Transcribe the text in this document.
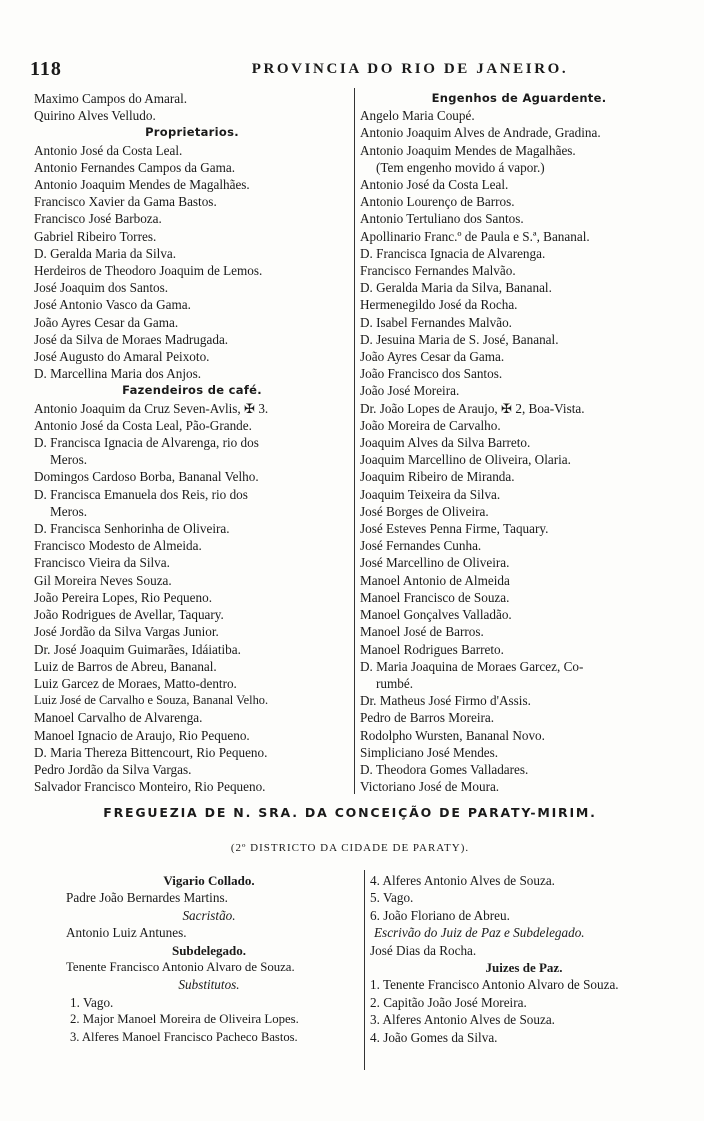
118	PROVINCIA DO RIO DE JANEIRO.
Maximo Campos do Amaral.
Quirino Alves Velludo.
Proprietarios.
Antonio José da Costa Leal.
Antonio Fernandes Campos da Gama.
Antonio Joaquim Mendes de Magalhães.
Francisco Xavier da Gama Bastos.
Francisco José Barboza.
Gabriel Ribeiro Torres.
D. Geralda Maria da Silva.
Herdeiros de Theodoro Joaquim de Lemos.
José Joaquim dos Santos.
José Antonio Vasco da Gama.
João Ayres Cesar da Gama.
José da Silva de Moraes Madrugada.
José Augusto do Amaral Peixoto.
D. Marcellina Maria dos Anjos.
Fazendeiros de café.
Antonio Joaquim da Cruz Seven-Avlis, ✠ 3.
Antonio José da Costa Leal, Pão-Grande.
D. Francisca Ignacia de Alvarenga, rio dos
Meros.
Domingos Cardoso Borba, Bananal Velho.
D. Francisca Emanuela dos Reis, rio dos
Meros.
D. Francisca Senhorinha de Oliveira.
Francisco Modesto de Almeida.
Francisco Vieira da Silva.
Gil Moreira Neves Souza.
João Pereira Lopes, Rio Pequeno.
João Rodrigues de Avellar, Taquary.
José Jordão da Silva Vargas Junior.
Dr. José Joaquim Guimarães, Idáiatiba.
Luiz de Barros de Abreu, Bananal.
Luiz Garcez de Moraes, Matto-dentro.
Luiz José de Carvalho e Souza, Bananal Velho.
Manoel Carvalho de Alvarenga.
Manoel Ignacio de Araujo, Rio Pequeno.
D. Maria Thereza Bittencourt, Rio Pequeno.
Pedro Jordão da Silva Vargas.
Salvador Francisco Monteiro, Rio Pequeno.
Engenhos de Aguardente.
Angelo Maria Coupé.
Antonio Joaquim Alves de Andrade, Gradina.
Antonio Joaquim Mendes de Magalhães.
(Tem engenho movido á vapor.)
Antonio José da Costa Leal.
Antonio Lourenço de Barros.
Antonio Tertuliano dos Santos.
Apollinario Franc.º de Paula e S.ª, Bananal.
D. Francisca Ignacia de Alvarenga.
Francisco Fernandes Malvão.
D. Geralda Maria da Silva, Bananal.
Hermenegildo José da Rocha.
D. Isabel Fernandes Malvão.
D. Jesuina Maria de S. José, Bananal.
João Ayres Cesar da Gama.
João Francisco dos Santos.
João José Moreira.
Dr. João Lopes de Araujo, ✠ 2, Boa-Vista.
João Moreira de Carvalho.
Joaquim Alves da Silva Barreto.
Joaquim Marcellino de Oliveira, Olaria.
Joaquim Ribeiro de Miranda.
Joaquim Teixeira da Silva.
José Borges de Oliveira.
José Esteves Penna Firme, Taquary.
José Fernandes Cunha.
José Marcellino de Oliveira.
Manoel Antonio de Almeida
Manoel Francisco de Souza.
Manoel Gonçalves Valladão.
Manoel José de Barros.
Manoel Rodrigues Barreto.
D. Maria Joaquina de Moraes Garcez, Co-
rumbé.
Dr. Matheus José Firmo d'Assis.
Pedro de Barros Moreira.
Rodolpho Wursten, Bananal Novo.
Simpliciano José Mendes.
D. Theodora Gomes Valladares.
Victoriano José de Moura.
FREGUEZIA DE N. SRA. DA CONCEIÇÃO DE PARATY-MIRIM.
(2º DISTRICTO DA CIDADE DE PARATY).
Vigario Collado.
Padre João Bernardes Martins.
Sacristão.
Antonio Luiz Antunes.
Subdelegado.
Tenente Francisco Antonio Alvaro de Souza.
Substitutos.
1. Vago.
2. Major Manoel Moreira de Oliveira Lopes.
3. Alferes Manoel Francisco Pacheco Bastos.
4. Alferes Antonio Alves de Souza.
5. Vago.
6. João Floriano de Abreu.
Escrivão do Juiz de Paz e Subdelegado.
José Dias da Rocha.
Juizes de Paz.
1. Tenente Francisco Antonio Alvaro de Souza.
2. Capitão João José Moreira.
3. Alferes Antonio Alves de Souza.
4. João Gomes da Silva.
